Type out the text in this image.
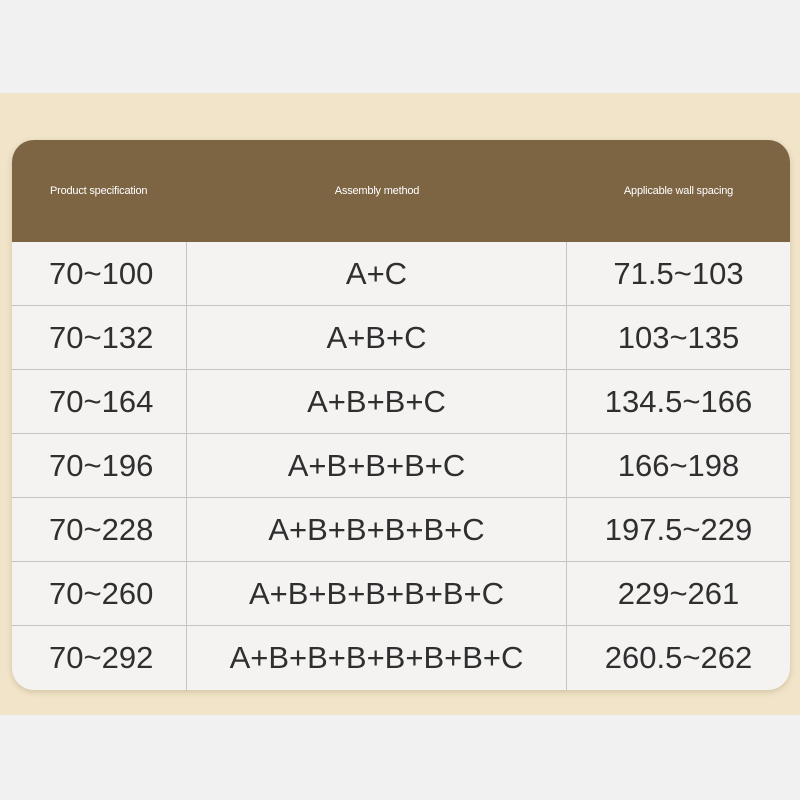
Product specification	Assembly method	Applicable wall spacing
70~100	A+C	71.5~103
70~132	A+B+C	103~135
70~164	A+B+B+C	134.5~166
70~196	A+B+B+B+C	166~198
70~228	A+B+B+B+B+C	197.5~229
70~260	A+B+B+B+B+B+C	229~261
70~292	A+B+B+B+B+B+B+C	260.5~262
